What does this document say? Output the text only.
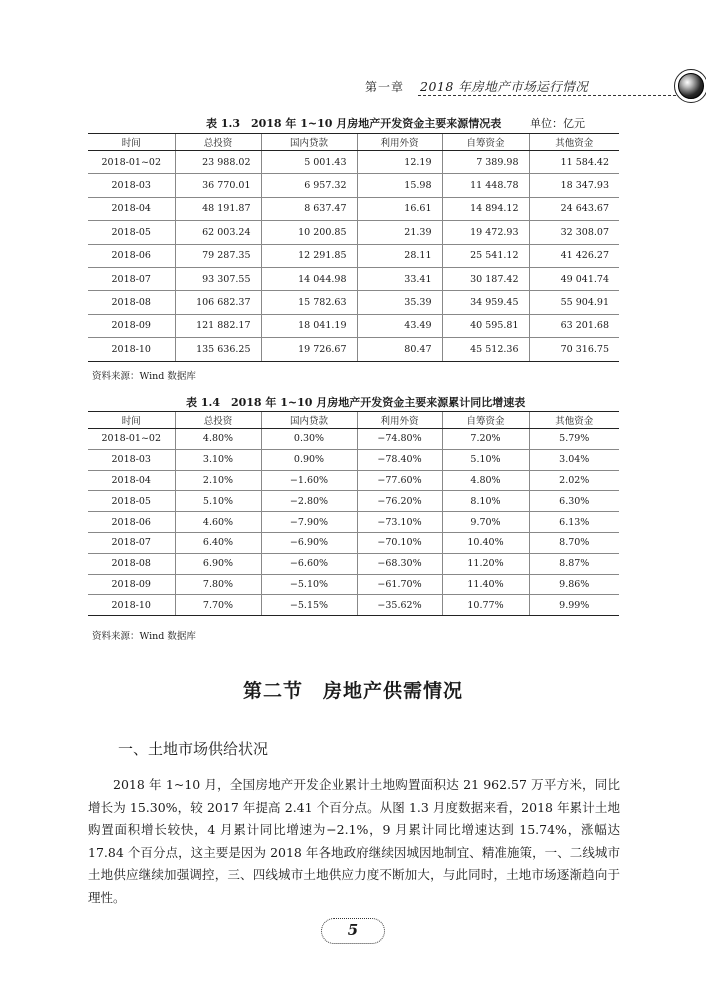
第一章 2018 年房地产市场运行情况
表 1.3　2018 年 1~10 月房地产开发资金主要来源情况表	单位：亿元
时间	总投资	国内贷款	利用外资	自筹资金	其他资金
2018-01~02	23 988.02	5 001.43	12.19	7 389.98	11 584.42
2018-03	36 770.01	6 957.32	15.98	11 448.78	18 347.93
2018-04	48 191.87	8 637.47	16.61	14 894.12	24 643.67
2018-05	62 003.24	10 200.85	21.39	19 472.93	32 308.07
2018-06	79 287.35	12 291.85	28.11	25 541.12	41 426.27
2018-07	93 307.55	14 044.98	33.41	30 187.42	49 041.74
2018-08	106 682.37	15 782.63	35.39	34 959.45	55 904.91
2018-09	121 882.17	18 041.19	43.49	40 595.81	63 201.68
2018-10	135 636.25	19 726.67	80.47	45 512.36	70 316.75
资料来源：Wind 数据库
表 1.4　2018 年 1~10 月房地产开发资金主要来源累计同比增速表
时间	总投资	国内贷款	利用外资	自筹资金	其他资金
2018-01~02	4.80%	0.30%	−74.80%	7.20%	5.79%
2018-03	3.10%	0.90%	−78.40%	5.10%	3.04%
2018-04	2.10%	−1.60%	−77.60%	4.80%	2.02%
2018-05	5.10%	−2.80%	−76.20%	8.10%	6.30%
2018-06	4.60%	−7.90%	−73.10%	9.70%	6.13%
2018-07	6.40%	−6.90%	−70.10%	10.40%	8.70%
2018-08	6.90%	−6.60%	−68.30%	11.20%	8.87%
2018-09	7.80%	−5.10%	−61.70%	11.40%	9.86%
2018-10	7.70%	−5.15%	−35.62%	10.77%	9.99%
资料来源：Wind 数据库
第二节　房地产供需情况
一、土地市场供给状况

2018 年 1~10 月，全国房地产开发企业累计土地购置面积达 21 962.57 万平方米，同比增长为 15.30%，较 2017 年提高 2.41 个百分点。从图 1.3 月度数据来看，2018 年累计土地购置面积增长较快，4 月累计同比增速为−2.1%，9 月累计同比增速达到 15.74%，涨幅达 17.84 个百分点，这主要是因为 2018 年各地政府继续因城因地制宜、精准施策，一、二线城市土地供应继续加强调控，三、四线城市土地供应力度不断加大，与此同时，土地市场逐渐趋向于理性。

5
